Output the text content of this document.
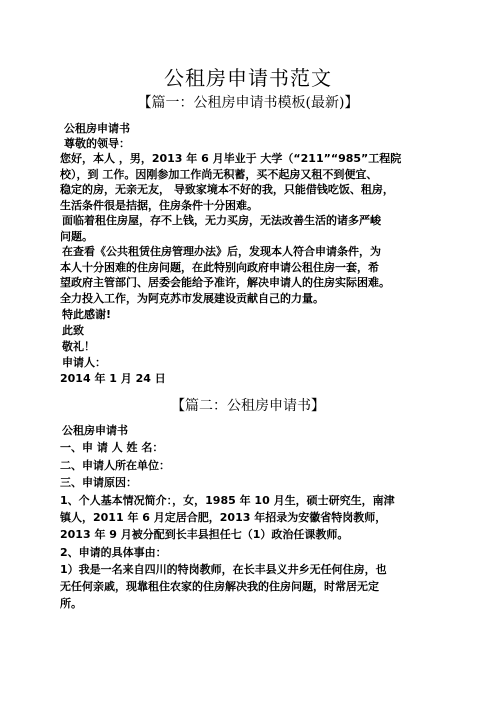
公租房申请书范文
【篇一：公租房申请书模板(最新)】
公租房申请书
尊敬的领导：
您好，本人 ，男，2013 年 6 月毕业于 大学（“211”“985”工程院
校），到 工作。因刚参加工作尚无积蓄，买不起房又租不到便宜、
稳定的房，无亲无友， 导致家境本不好的我，只能借钱吃饭、租房，
生活条件很是拮据，住房条件十分困难。
面临着租住房屋，存不上钱，无力买房，无法改善生活的诸多严峻
问题。
在查看《公共租赁住房管理办法》后，发现本人符合申请条件，为
本人十分困难的住房问题，在此特别向政府申请公租住房一套，希
望政府主管部门、居委会能给予准许，解决申请人的住房实际困难。
全力投入工作，为阿克苏市发展建设贡献自己的力量。
特此感谢!
此致
敬礼！
申请人：
2014 年 1 月 24 日
【篇二：公租房申请书】
公租房申请书
一、申 请 人 姓 名：
二、申请人所在单位：
三、申请原因：
1、个人基本情况简介：，女，1985 年 10 月生，硕士研究生，南津
镇人，2011 年 6 月定居合肥，2013 年招录为安徽省特岗教师，
2013 年 9 月被分配到长丰县担任七（1）政治任课教师。
2、申请的具体事由：
1）我是一名来自四川的特岗教师，在长丰县义井乡无任何住房，也
无任何亲戚，现靠租住农家的住房解决我的住房问题，时常居无定
所。
